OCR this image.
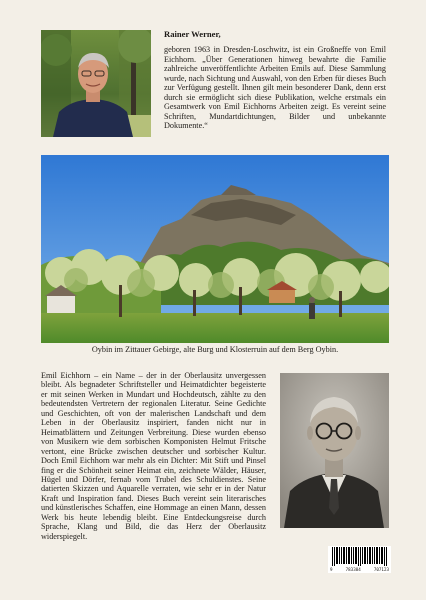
Rainer Werner,
geboren 1963 in Dresden-Loschwitz, ist ein Großneffe von Emil Eichhorn. „Über Generationen hinweg bewahrte die Familie zahlreiche unveröffentlichte Arbeiten Emils auf. Diese Sammlung wurde, nach Sichtung und Auswahl, von den Erben für dieses Buch zur Verfügung gestellt. Ihnen gilt mein besonderer Dank, denn erst durch sie ermöglicht sich diese Publikation, welche erstmals ein Gesamtwerk von Emil Eichhorns Arbeiten zeigt. Es vereint seine Schriften, Mundartdichtungen, Bilder und unbekannte Dokumente.“
Oybin im Zittauer Gebirge, alte Burg und Klosterruin auf dem Berg Oybin.
Emil Eichhorn – ein Name – der in der Oberlausitz unvergessen bleibt. Als begnadeter Schriftsteller und Heimatdichter begeisterte er mit seinen Werken in Mundart und Hochdeutsch, zählte zu den bedeutendsten Vertretern der regionalen Literatur. Seine Gedichte und Geschichten, oft von der malerischen Landschaft und dem Leben in der Oberlausitz inspiriert, fanden nicht nur in Heimatblättern und Zeitungen Verbreitung. Diese wurden ebenso von Musikern wie dem sorbischen Komponisten Helmut Fritsche vertont, eine Brücke zwischen deutscher und sorbischer Kultur. Doch Emil Eichhorn war mehr als ein Dichter: Mit Stift und Pinsel fing er die Schönheit seiner Heimat ein, zeichnete Wälder, Häuser, Hügel und Dörfer, fernab vom Trubel des Schuldienstes. Seine datierten Skizzen und Aquarelle verraten, wie sehr er in der Natur Kraft und Inspiration fand. Dieses Buch vereint sein literarisches und künstlerisches Schaffen, eine Hommage an einen Mann, dessen Werk bis heute lebendig bleibt. Eine Entdeckungsreise durch Sprache, Klang und Bild, die das Herz der Oberlausitz widerspiegelt.
9	783384	707123
